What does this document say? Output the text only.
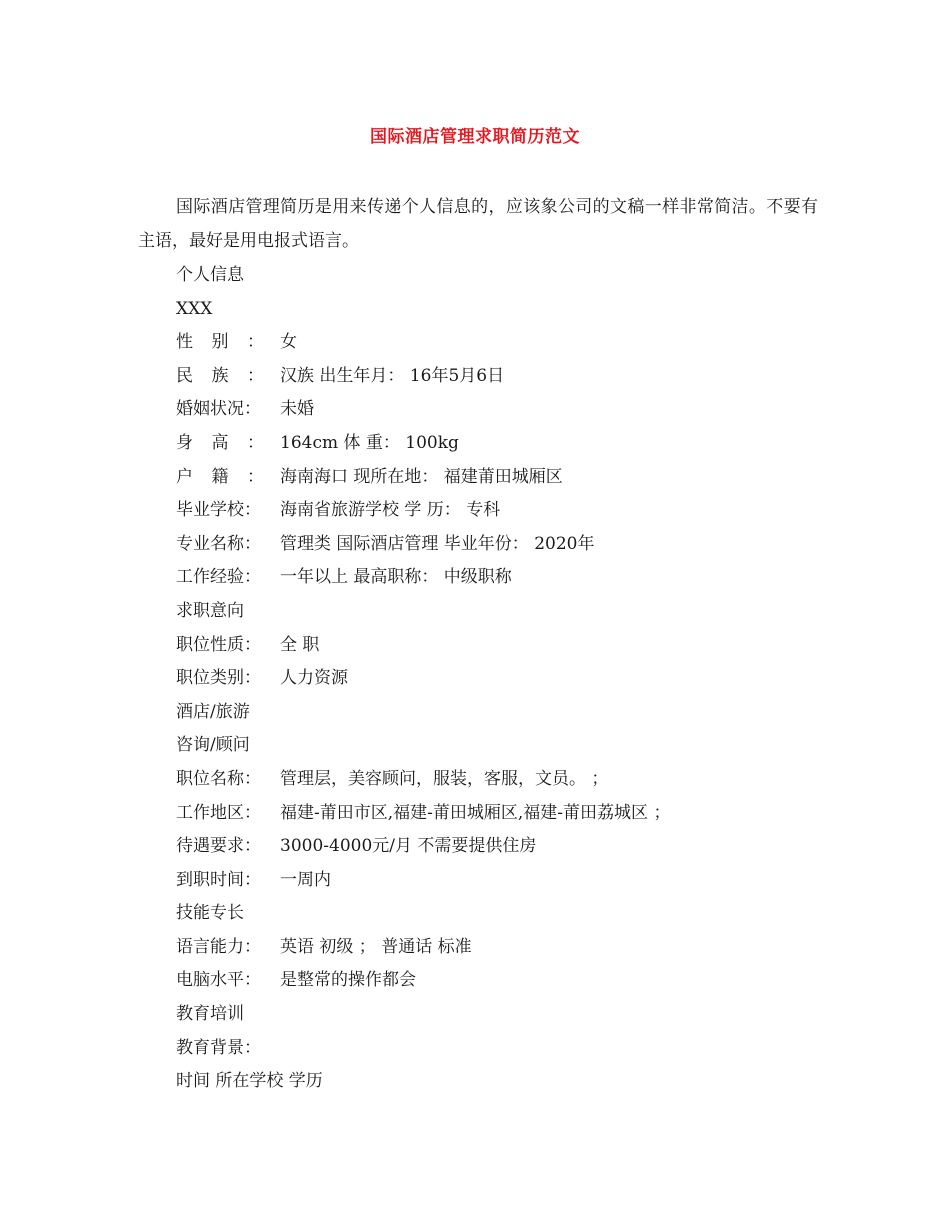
国际酒店管理求职简历范文
国际酒店管理简历是用来传递个人信息的，应该象公司的文稿一样非常简洁。不要有主语，最好是用电报式语言。
个人信息
XXX
性别： 女
民族： 汉族 出生年月： 16年5月6日
婚姻状况： 未婚
身高： 164cm 体 重： 100kg
户籍： 海南海口 现所在地： 福建莆田城厢区
毕业学校： 海南省旅游学校 学 历： 专科
专业名称： 管理类 国际酒店管理 毕业年份： 2020年
工作经验： 一年以上 最高职称： 中级职称
求职意向
职位性质： 全 职
职位类别： 人力资源
酒店/旅游
咨询/顾问
职位名称： 管理层，美容顾问，服装，客服，文员。 ；
工作地区： 福建-莆田市区,福建-莆田城厢区,福建-莆田荔城区 ；
待遇要求： 3000-4000元/月 不需要提供住房
到职时间： 一周内
技能专长
语言能力： 英语 初级 ； 普通话 标准
电脑水平： 是整常的操作都会
教育培训
教育背景：
时间 所在学校 学历
